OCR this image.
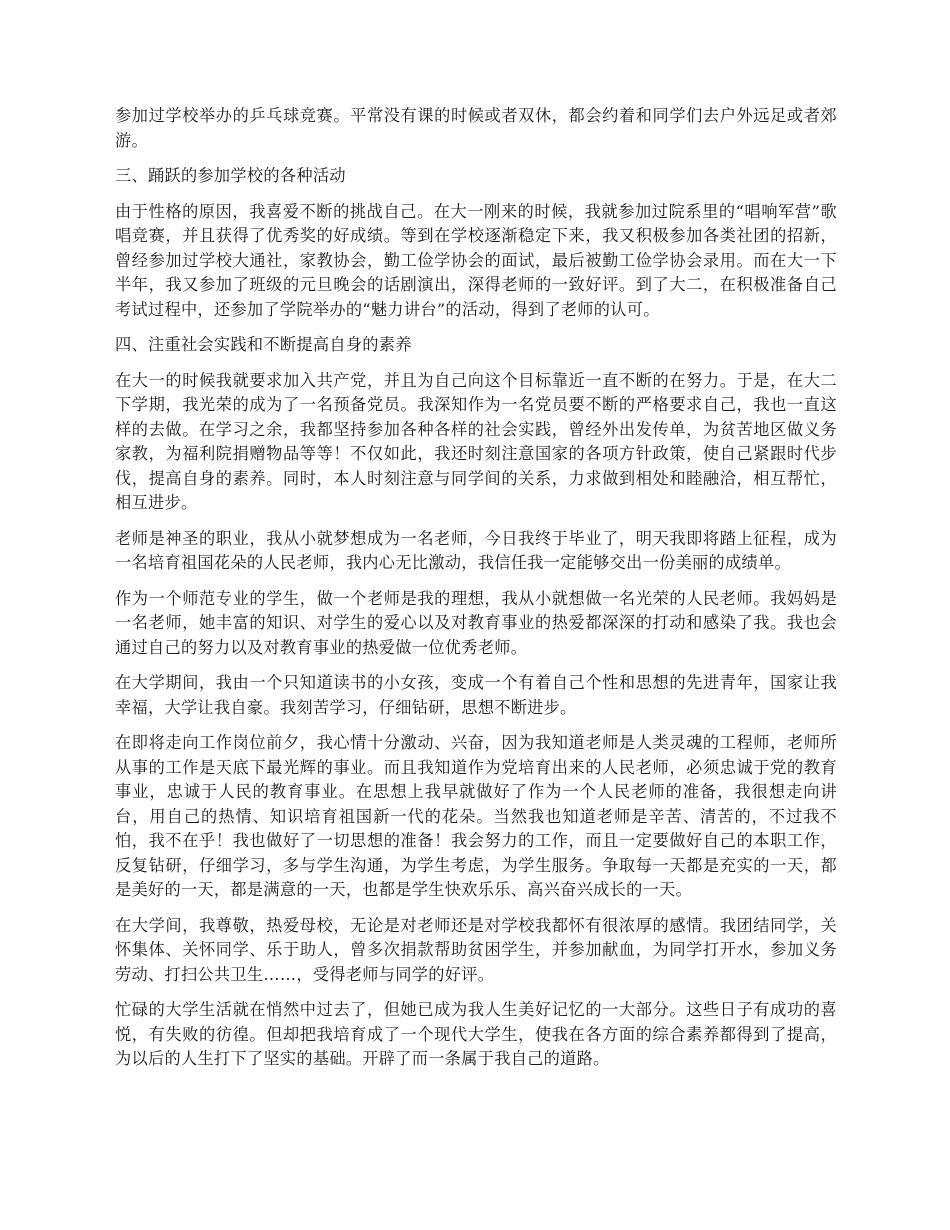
参加过学校举办的乒乓球竞赛。平常没有课的时候或者双休，都会约着和同学们去户外远足或者郊游。

三、踊跃的参加学校的各种活动

由于性格的原因，我喜爱不断的挑战自己。在大一刚来的时候，我就参加过院系里的“唱响军营”歌唱竞赛，并且获得了优秀奖的好成绩。等到在学校逐渐稳定下来，我又积极参加各类社团的招新，曾经参加过学校大通社，家教协会，勤工俭学协会的面试，最后被勤工俭学协会录用。而在大一下半年，我又参加了班级的元旦晚会的话剧演出，深得老师的一致好评。到了大二，在积极准备自己考试过程中，还参加了学院举办的“魅力讲台”的活动，得到了老师的认可。

四、注重社会实践和不断提高自身的素养

在大一的时候我就要求加入共产党，并且为自己向这个目标靠近一直不断的在努力。于是，在大二下学期，我光荣的成为了一名预备党员。我深知作为一名党员要不断的严格要求自己，我也一直这样的去做。在学习之余，我都坚持参加各种各样的社会实践，曾经外出发传单，为贫苦地区做义务家教，为福利院捐赠物品等等！不仅如此，我还时刻注意国家的各项方针政策，使自己紧跟时代步伐，提高自身的素养。同时，本人时刻注意与同学间的关系，力求做到相处和睦融洽，相互帮忙，相互进步。

老师是神圣的职业，我从小就梦想成为一名老师，今日我终于毕业了，明天我即将踏上征程，成为一名培育祖国花朵的人民老师，我内心无比激动，我信任我一定能够交出一份美丽的成绩单。

作为一个师范专业的学生，做一个老师是我的理想，我从小就想做一名光荣的人民老师。我妈妈是一名老师，她丰富的知识、对学生的爱心以及对教育事业的热爱都深深的打动和感染了我。我也会通过自己的努力以及对教育事业的热爱做一位优秀老师。

在大学期间，我由一个只知道读书的小女孩，变成一个有着自己个性和思想的先进青年，国家让我幸福，大学让我自豪。我刻苦学习，仔细钻研，思想不断进步。

在即将走向工作岗位前夕，我心情十分激动、兴奋，因为我知道老师是人类灵魂的工程师，老师所从事的工作是天底下最光辉的事业。而且我知道作为党培育出来的人民老师，必须忠诚于党的教育事业，忠诚于人民的教育事业。在思想上我早就做好了作为一个人民老师的准备，我很想走向讲台，用自己的热情、知识培育祖国新一代的花朵。当然我也知道老师是辛苦、清苦的，不过我不怕，我不在乎！我也做好了一切思想的准备！我会努力的工作，而且一定要做好自己的本职工作，反复钻研，仔细学习，多与学生沟通，为学生考虑，为学生服务。争取每一天都是充实的一天，都是美好的一天，都是满意的一天，也都是学生快欢乐乐、高兴奋兴成长的一天。

在大学间，我尊敬，热爱母校，无论是对老师还是对学校我都怀有很浓厚的感情。我团结同学，关怀集体、关怀同学、乐于助人，曾多次捐款帮助贫困学生，并参加献血，为同学打开水，参加义务劳动、打扫公共卫生……，受得老师与同学的好评。

忙碌的大学生活就在悄然中过去了，但她已成为我人生美好记忆的一大部分。这些日子有成功的喜悦，有失败的彷徨。但却把我培育成了一个现代大学生，使我在各方面的综合素养都得到了提高，为以后的人生打下了坚实的基础。开辟了而一条属于我自己的道路。
